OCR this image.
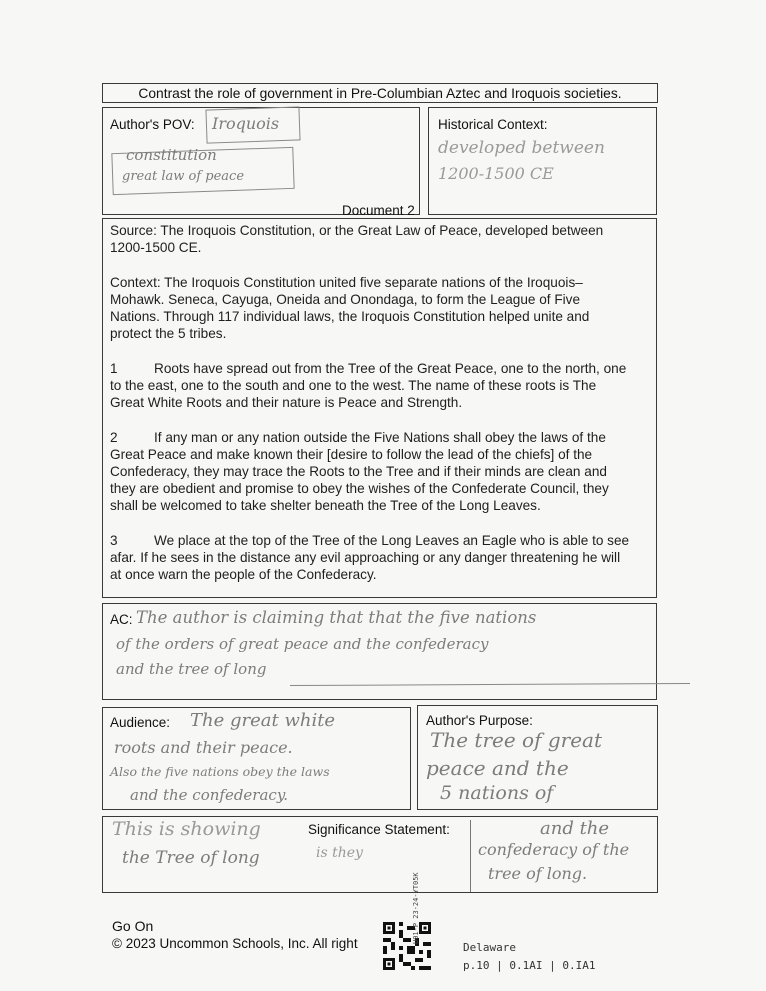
Contrast the role of government in Pre-Columbian Aztec and Iroquois societies.
Author's POV: Iroquois
constitution
great law of peace
Historical Context:
developed between
1200-1500 CE
Document 2

Source: The Iroquois Constitution, or the Great Law of Peace, developed between 1200-1500 CE.

Context: The Iroquois Constitution united five separate nations of the Iroquois– Mohawk. Seneca, Cayuga, Oneida and Onondaga, to form the League of Five Nations. Through 117 individual laws, the Iroquois Constitution helped unite and protect the 5 tribes.

1	Roots have spread out from the Tree of the Great Peace, one to the north, one to the east, one to the south and one to the west. The name of these roots is The Great White Roots and their nature is Peace and Strength.

2	If any man or any nation outside the Five Nations shall obey the laws of the Great Peace and make known their [desire to follow the lead of the chiefs] of the Confederacy, they may trace the Roots to the Tree and if their minds are clean and they are obedient and promise to obey the wishes of the Confederate Council, they shall be welcomed to take shelter beneath the Tree of the Long Leaves.

3	We place at the top of the Tree of the Long Leaves an Eagle who is able to see afar. If he sees in the distance any evil approaching or any danger threatening he will at once warn the people of the Confederacy.

AC: The author is claiming that that the five nations
of the orders of great peace and the confederacy
and the tree of long
Audience: The great white
roots and their peace.
Also the five nations obey the laws
and the confederacy.
Author's Purpose:
The tree of great
peace and the
5 nations of
Significance Statement:
This is showing
the Tree of long	is they
and the
confederacy of the
tree of long.
Go On
© 2023 Uncommon Schools, Inc. All right	U01-P 23-24-YT05K
Delaware
p.10 | 0.1AI | 0.IA1
